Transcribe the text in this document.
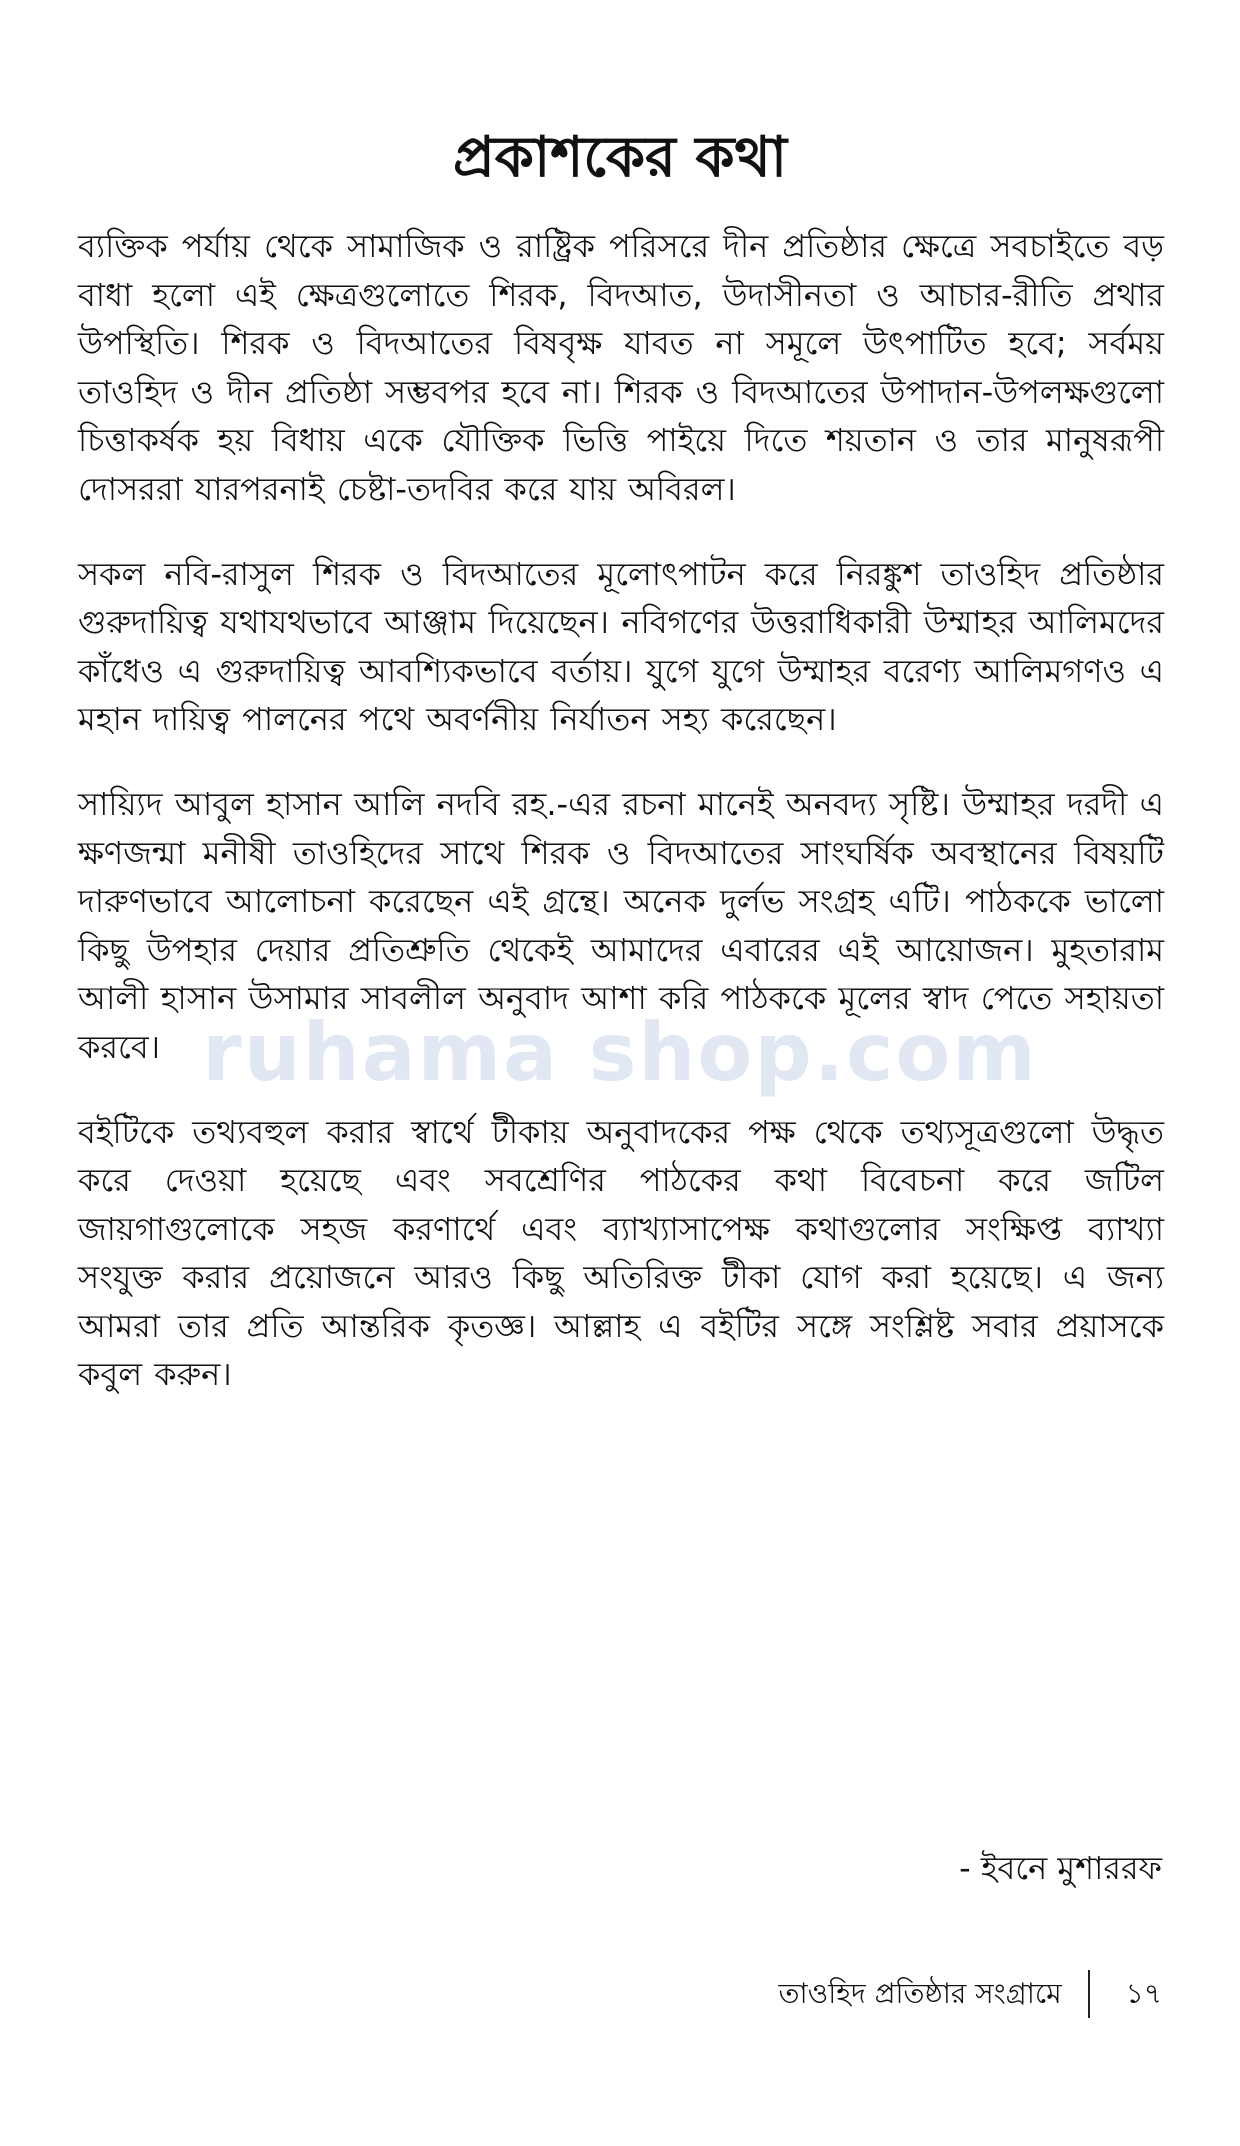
প্রকাশকের কথা

ব্যক্তিক পর্যায় থেকে সামাজিক ও রাষ্ট্রিক পরিসরে দীন প্রতিষ্ঠার ক্ষেত্রে সবচাইতে বড় বাধা হলো এই ক্ষেত্রগুলোতে শিরক, বিদআত, উদাসীনতা ও আচার-রীতি প্রথার উপস্থিতি। শিরক ও বিদআতের বিষবৃক্ষ যাবত না সমূলে উৎপাটিত হবে; সর্বময় তাওহিদ ও দীন প্রতিষ্ঠা সম্ভবপর হবে না। শিরক ও বিদআতের উপাদান-উপলক্ষগুলো চিত্তাকর্ষক হয় বিধায় একে যৌক্তিক ভিত্তি পাইয়ে দিতে শয়তান ও তার মানুষরূপী দোসররা যারপরনাই চেষ্টা-তদবির করে যায় অবিরল।

সকল নবি-রাসুল শিরক ও বিদআতের মূলোৎপাটন করে নিরঙ্কুশ তাওহিদ প্রতিষ্ঠার গুরুদায়িত্ব যথাযথভাবে আঞ্জাম দিয়েছেন। নবিগণের উত্তরাধিকারী উম্মাহর আলিমদের কাঁধেও এ গুরুদায়িত্ব আবশ্যিকভাবে বর্তায়। যুগে যুগে উম্মাহর বরেণ্য আলিমগণও এ মহান দায়িত্ব পালনের পথে অবর্ণনীয় নির্যাতন সহ্য করেছেন।

সায়্যিদ আবুল হাসান আলি নদবি রহ.-এর রচনা মানেই অনবদ্য সৃষ্টি। উম্মাহর দরদী এ ক্ষণজন্মা মনীষী তাওহিদের সাথে শিরক ও বিদআতের সাংঘর্ষিক অবস্থানের বিষয়টি দারুণভাবে আলোচনা করেছেন এই গ্রন্থে। অনেক দুর্লভ সংগ্রহ এটি। পাঠককে ভালো কিছু উপহার দেয়ার প্রতিশ্রুতি থেকেই আমাদের এবারের এই আয়োজন। মুহতারাম আলী হাসান উসামার সাবলীল অনুবাদ আশা করি পাঠককে মূলের স্বাদ পেতে সহায়তা করবে।

বইটিকে তথ্যবহুল করার স্বার্থে টীকায় অনুবাদকের পক্ষ থেকে তথ্যসূত্রগুলো উদ্ধৃত করে দেওয়া হয়েছে এবং সবশ্রেণির পাঠকের কথা বিবেচনা করে জটিল জায়গাগুলোকে সহজ করণার্থে এবং ব্যাখ্যাসাপেক্ষ কথাগুলোর সংক্ষিপ্ত ব্যাখ্যা সংযুক্ত করার প্রয়োজনে আরও কিছু অতিরিক্ত টীকা যোগ করা হয়েছে। এ জন্য আমরা তার প্রতি আন্তরিক কৃতজ্ঞ। আল্লাহ এ বইটির সঙ্গে সংশ্লিষ্ট সবার প্রয়াসকে কবুল করুন।

ruhama shop.com
- ইবনে মুশাররফ
তাওহিদ প্রতিষ্ঠার সংগ্রামে ১৭
